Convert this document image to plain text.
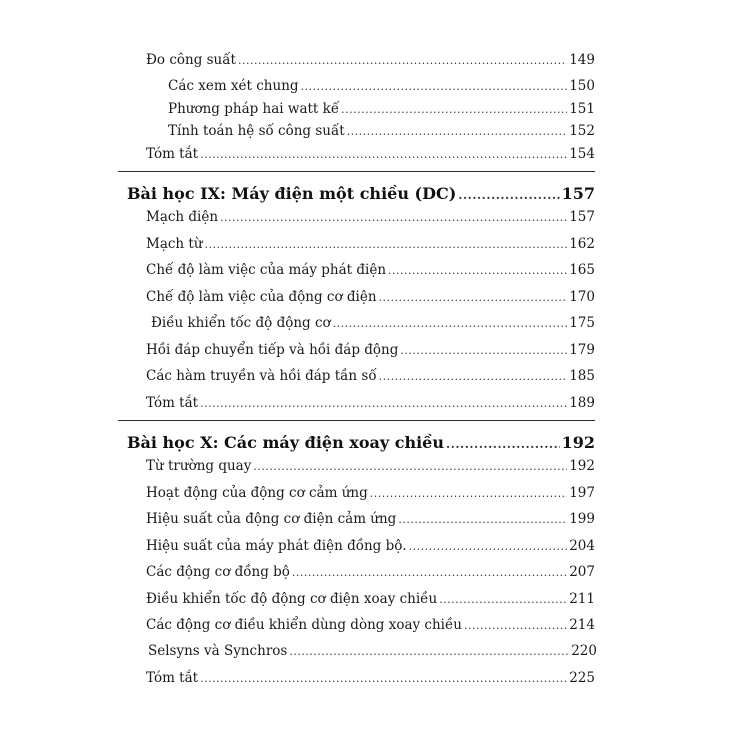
Đo công suất .....	149
Các xem xét chung .....	150
Phương pháp hai watt kế .....	151
Tính toán hệ số công suất .....	152
Tóm tắt .....	154
Bài học IX: Máy điện một chiều (DC) .....	157
Mạch điện .....	157
Mạch từ .....	162
Chế độ làm việc của máy phát điện .....	165
Chế độ làm việc của động cơ điện .....	170
Điều khiển tốc độ động cơ .....	175
Hồi đáp chuyển tiếp và hồi đáp động .....	179
Các hàm truyền và hồi đáp tần số .....	185
Tóm tắt .....	189
Bài học X: Các máy điện xoay chiều .....	192
Từ trường quay .....	192
Hoạt động của động cơ cảm ứng .....	197
Hiệu suất của động cơ điện cảm ứng .....	199
Hiệu suất của máy phát điện đồng bộ. .....	204
Các động cơ đồng bộ .....	207
Điều khiển tốc độ động cơ điện xoay chiều .....	211
Các động cơ điều khiển dùng dòng xoay chiều .....	214
Selsyns và Synchros .....	220
Tóm tắt .....	225
